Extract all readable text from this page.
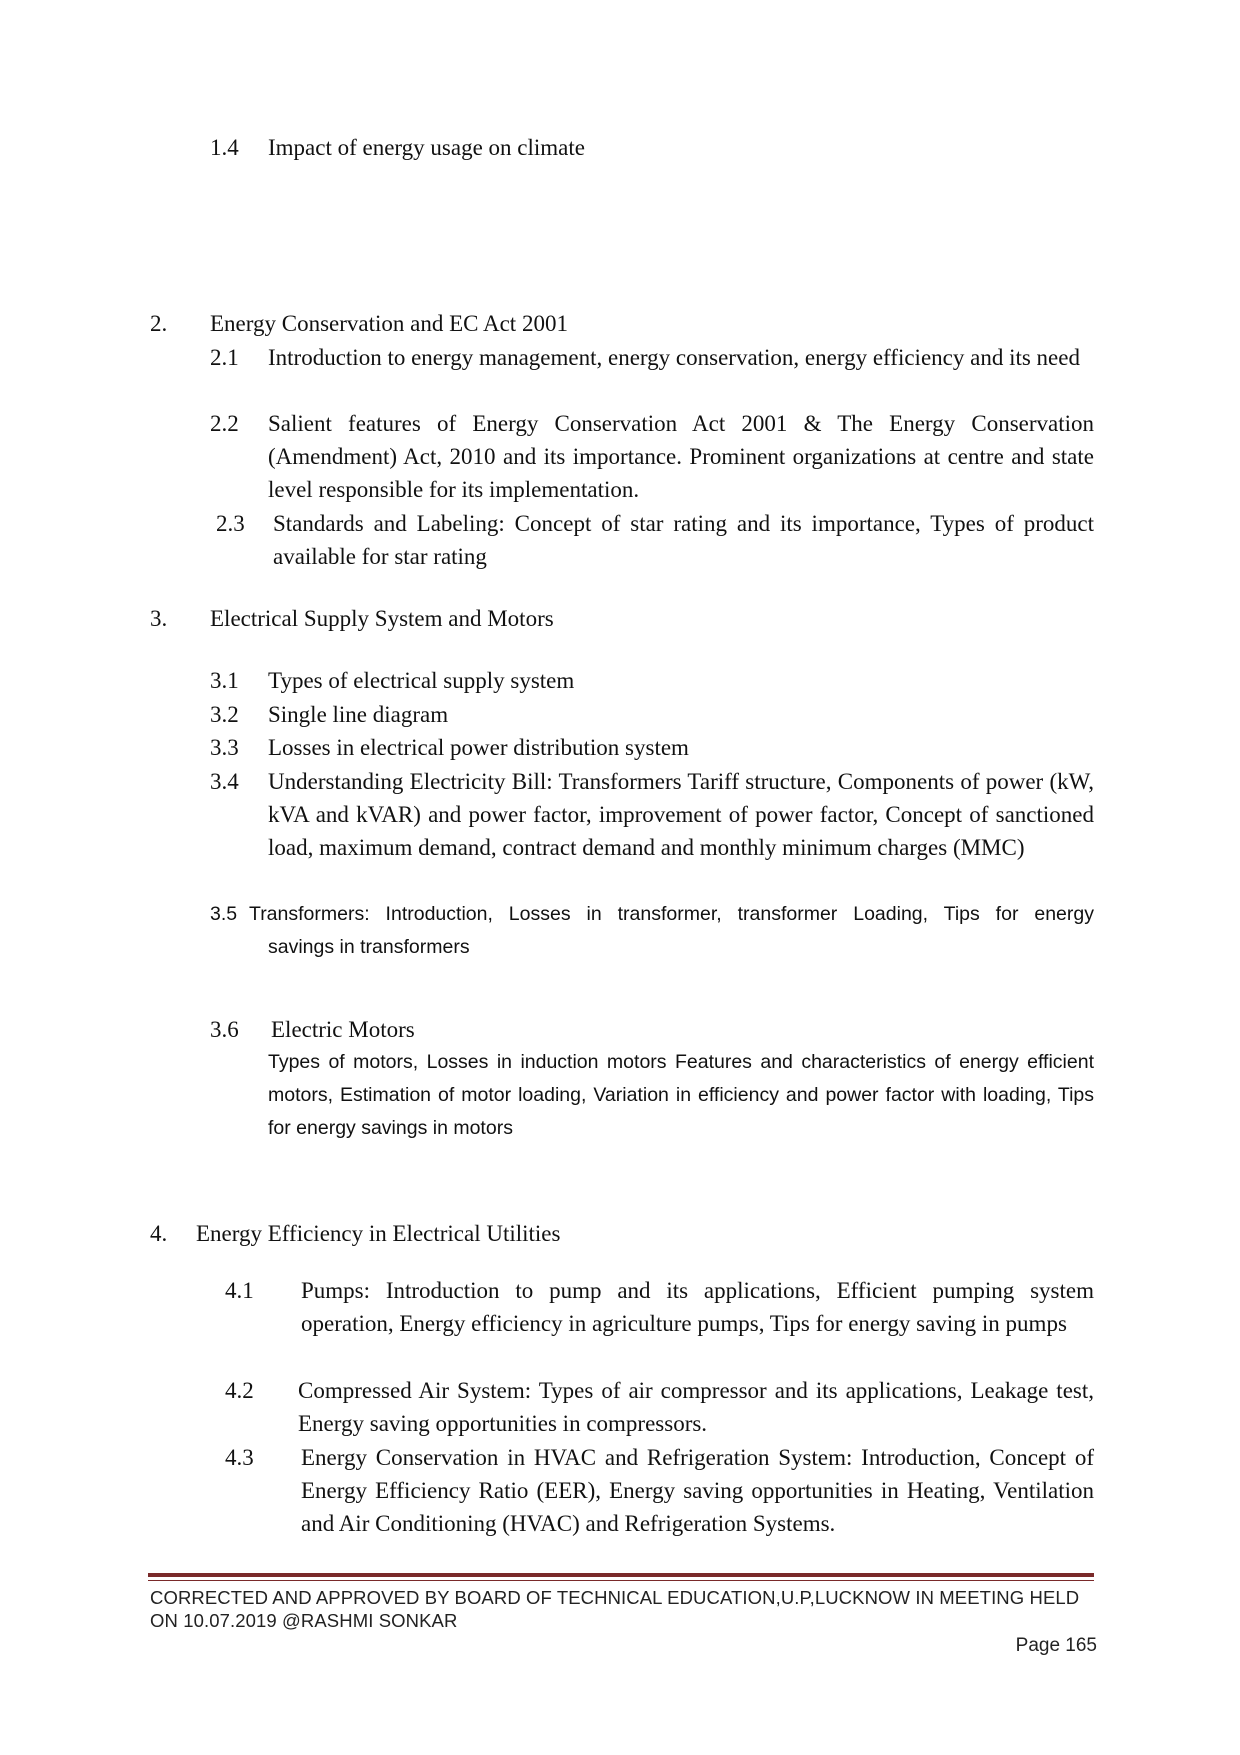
1.4 Impact of energy usage on climate
2. Energy Conservation and EC Act 2001
2.1 Introduction to energy management, energy conservation, energy efficiency and its need
2.2 Salient features of Energy Conservation Act 2001 & The Energy Conservation (Amendment) Act, 2010 and its importance. Prominent organizations at centre and state level responsible for its implementation.
2.3 Standards and Labeling: Concept of star rating and its importance, Types of product available for star rating
3. Electrical Supply System and Motors
3.1 Types of electrical supply system
3.2 Single line diagram
3.3 Losses in electrical power distribution system
3.4 Understanding Electricity Bill: Transformers Tariff structure, Components of power (kW, kVA and kVAR) and power factor, improvement of power factor, Concept of sanctioned load, maximum demand, contract demand and monthly minimum charges (MMC)
3.5 Transformers: Introduction, Losses in transformer, transformer Loading, Tips for energy
savings in transformers
3.6 Electric Motors
Types of motors, Losses in induction motors Features and characteristics of energy efficient motors, Estimation of motor loading, Variation in efficiency and power factor with loading, Tips for energy savings in motors
4. Energy Efficiency in Electrical Utilities
4.1 Pumps: Introduction to pump and its applications, Efficient pumping system operation, Energy efficiency in agriculture pumps, Tips for energy saving in pumps
4.2 Compressed Air System: Types of air compressor and its applications, Leakage test, Energy saving opportunities in compressors.
4.3 Energy Conservation in HVAC and Refrigeration System: Introduction, Concept of Energy Efficiency Ratio (EER), Energy saving opportunities in Heating, Ventilation and Air Conditioning (HVAC) and Refrigeration Systems.
CORRECTED AND APPROVED BY BOARD OF TECHNICAL EDUCATION,U.P,LUCKNOW IN MEETING HELD
ON 10.07.2019 @RASHMI SONKAR
Page 165
